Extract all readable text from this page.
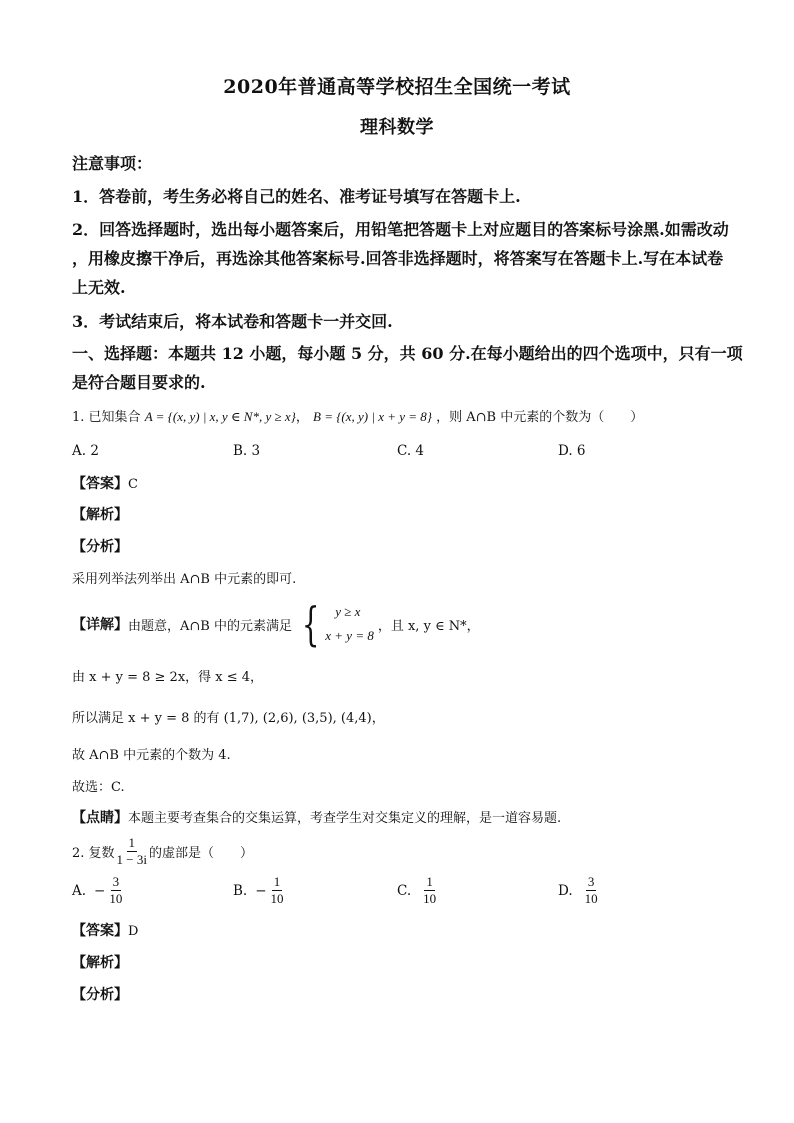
2020年普通高等学校招生全国统一考试
理科数学
注意事项：
1．答卷前，考生务必将自己的姓名、准考证号填写在答题卡上.
2．回答选择题时，选出每小题答案后，用铅笔把答题卡上对应题目的答案标号涂黑.如需改动
，用橡皮擦干净后，再选涂其他答案标号.回答非选择题时，将答案写在答题卡上.写在本试卷
上无效.
3．考试结束后，将本试卷和答题卡一并交回.
一、选择题：本题共 12 小题，每小题 5 分，共 60 分.在每小题给出的四个选项中，只有一项
是符合题目要求的.
1. 已知集合 A = {(x, y) | x, y ∈ N*, y ≥ x}， B = {(x, y) | x + y = 8} ，则 A∩B 中元素的个数为（　　）
A. 2	B. 3	C. 4	D. 6
【答案】C
【解析】
【分析】
采用列举法列举出 A∩B 中元素的即可.
【详解】 由题意，A∩B 中的元素满足 {	y ≥ x
x + y = 8
，且 x, y ∈ N*，
由 x + y = 8 ≥ 2x，得 x ≤ 4，
所以满足 x + y = 8 的有 (1,7), (2,6), (3,5), (4,4)，
故 A∩B 中元素的个数为 4.
故选：C.
【点睛】本题主要考查集合的交集运算，考查学生对交集定义的理解，是一道容易题.
2. 复数 $\frac{1}{1 - 3i}$ 的虚部是（　　）
A. − $\frac{3}{10}$	B. − $\frac{1}{10}$	C. $\frac{1}{10}$	D. $\frac{3}{10}$
【答案】D
【解析】
【分析】
